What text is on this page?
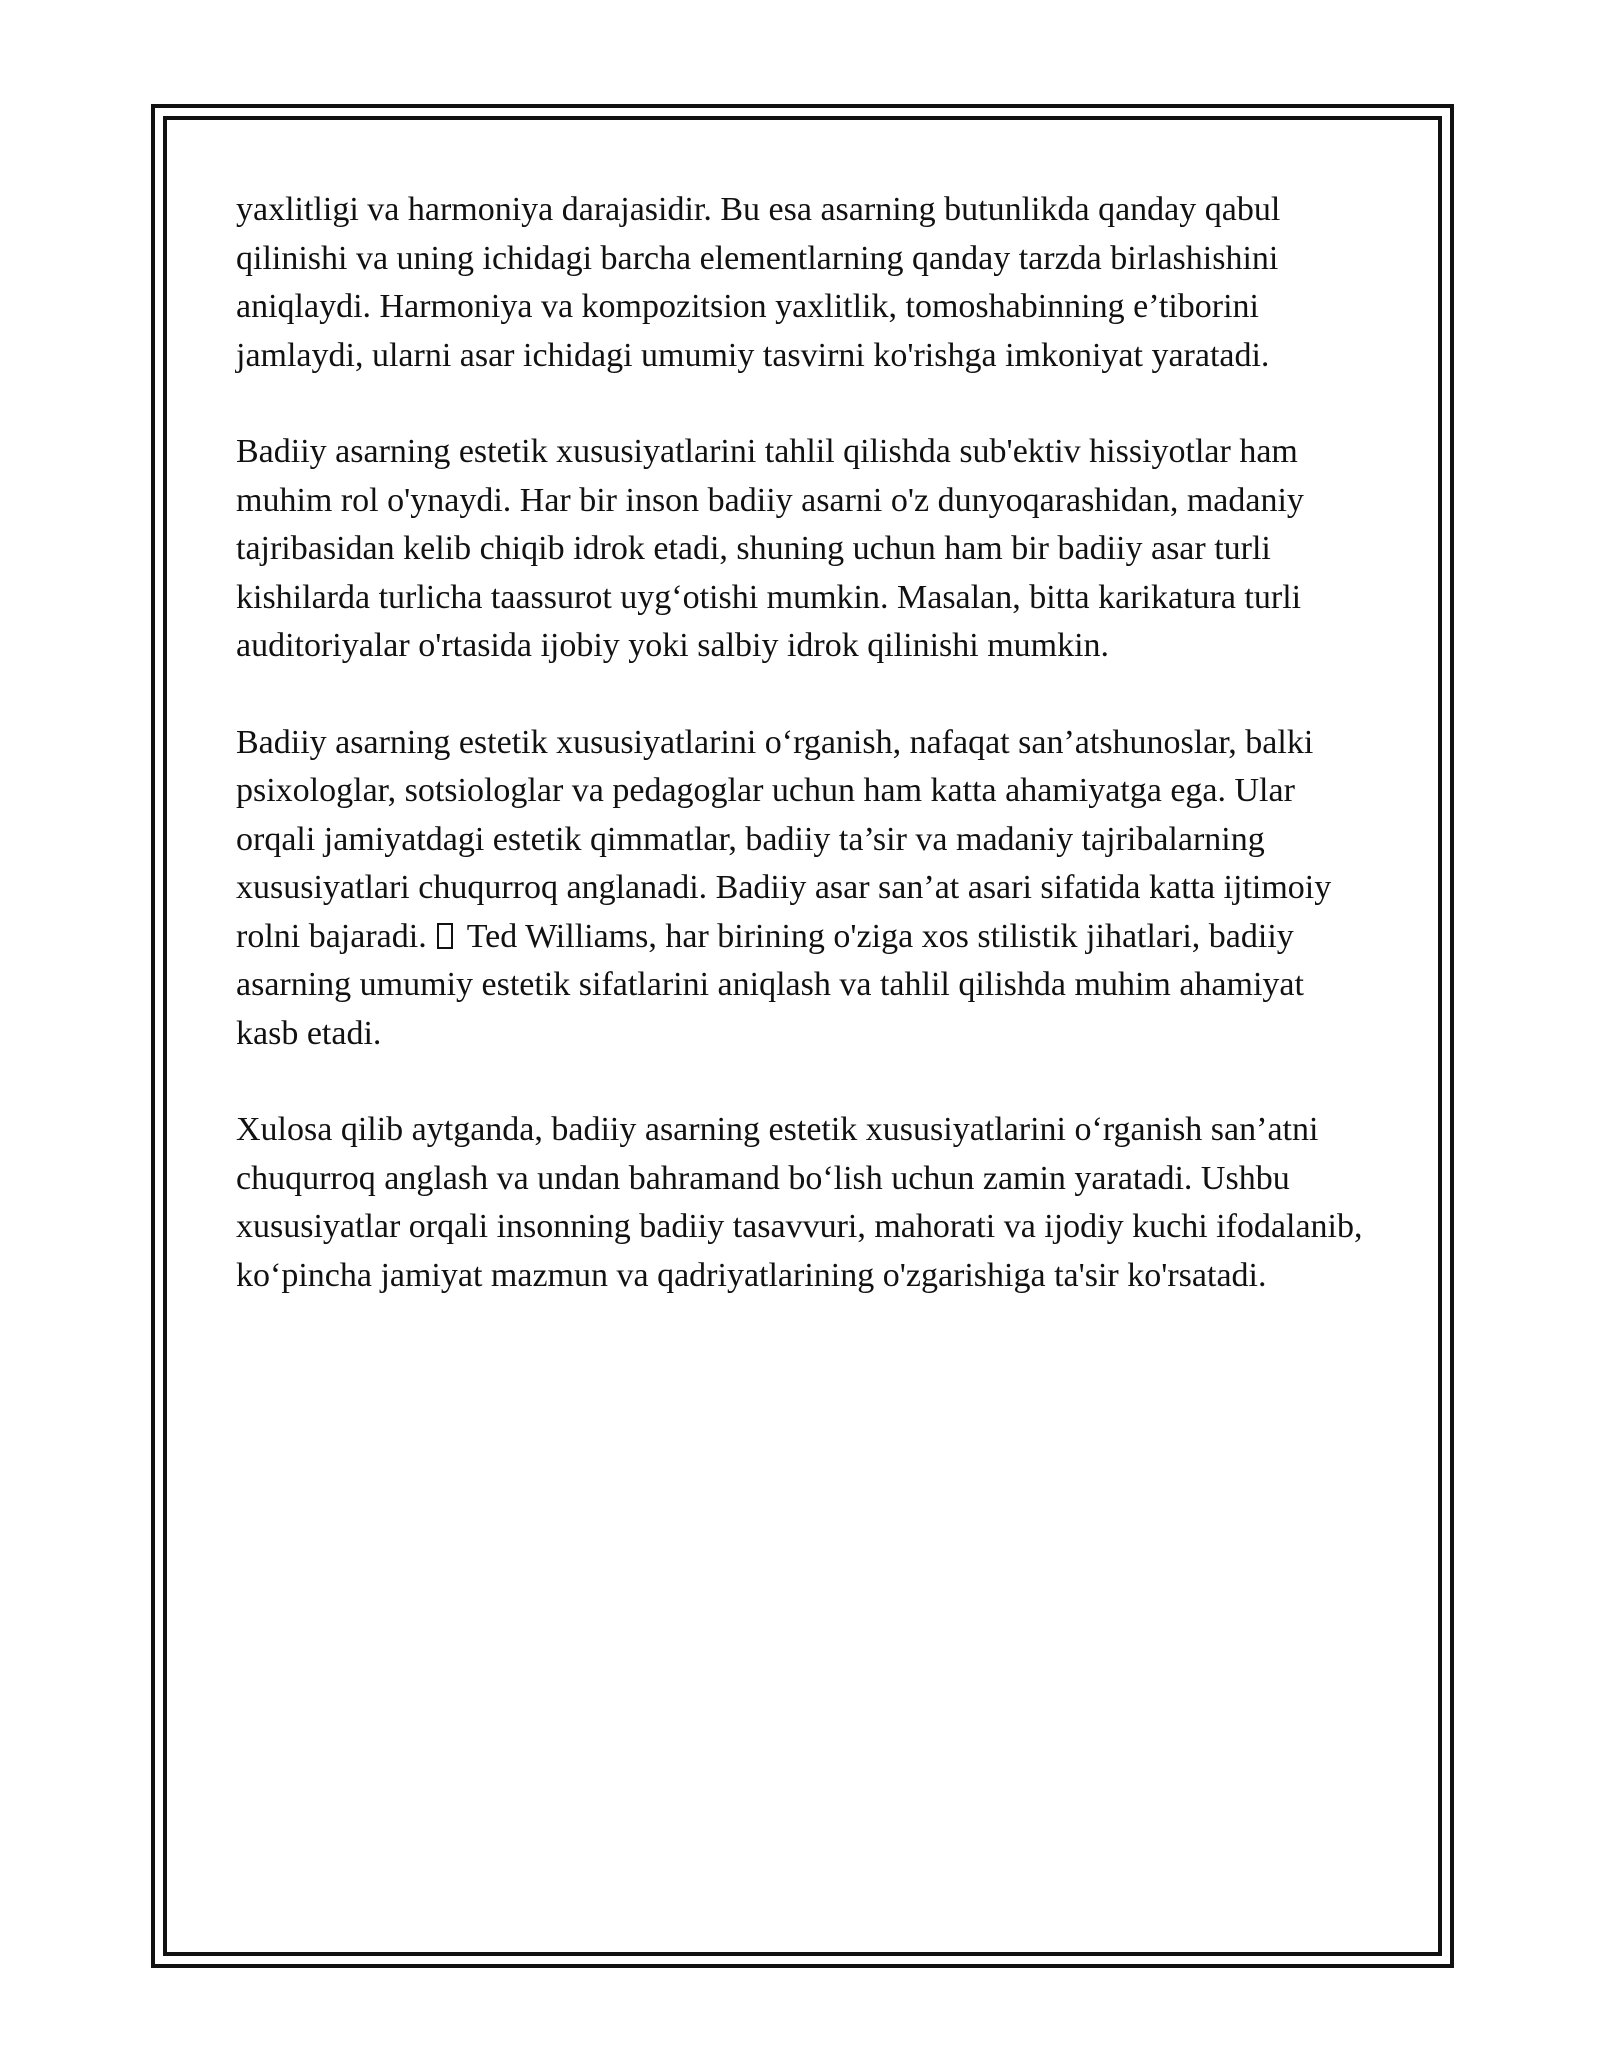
yaxlitligi va harmoniya darajasidir. Bu esa asarning butunlikda qanday qabul qilinishi va uning ichidagi barcha elementlarning qanday tarzda birlashishini aniqlaydi. Harmoniya va kompozitsion yaxlitlik, tomoshabinning e’tiborini jamlaydi, ularni asar ichidagi umumiy tasvirni ko'rishga imkoniyat yaratadi.

Badiiy asarning estetik xususiyatlarini tahlil qilishda sub'ektiv hissiyotlar ham muhim rol o'ynaydi. Har bir inson badiiy asarni o'z dunyoqarashidan, madaniy tajribasidan kelib chiqib idrok etadi, shuning uchun ham bir badiiy asar turli kishilarda turlicha taassurot uyg‘otishi mumkin. Masalan, bitta karikatura turli auditoriyalar o'rtasida ijobiy yoki salbiy idrok qilinishi mumkin.

Badiiy asarning estetik xususiyatlarini o‘rganish, nafaqat san’atshunoslar, balki psixologlar, sotsiologlar va pedagoglar uchun ham katta ahamiyatga ega. Ular orqali jamiyatdagi estetik qimmatlar, badiiy ta’sir va madaniy tajribalarning xususiyatlari chuqurroq anglanadi. Badiiy asar san’at asari sifatida katta ijtimoiy rolni bajaradi. Ted Williams, har birining o'ziga xos stilistik jihatlari, badiiy asarning umumiy estetik sifatlarini aniqlash va tahlil qilishda muhim ahamiyat kasb etadi.

Xulosa qilib aytganda, badiiy asarning estetik xususiyatlarini o‘rganish san’atni chuqurroq anglash va undan bahramand bo‘lish uchun zamin yaratadi. Ushbu xususiyatlar orqali insonning badiiy tasavvuri, mahorati va ijodiy kuchi ifodalanib, ko‘pincha jamiyat mazmun va qadriyatlarining o'zgarishiga ta'sir ko'rsatadi.
